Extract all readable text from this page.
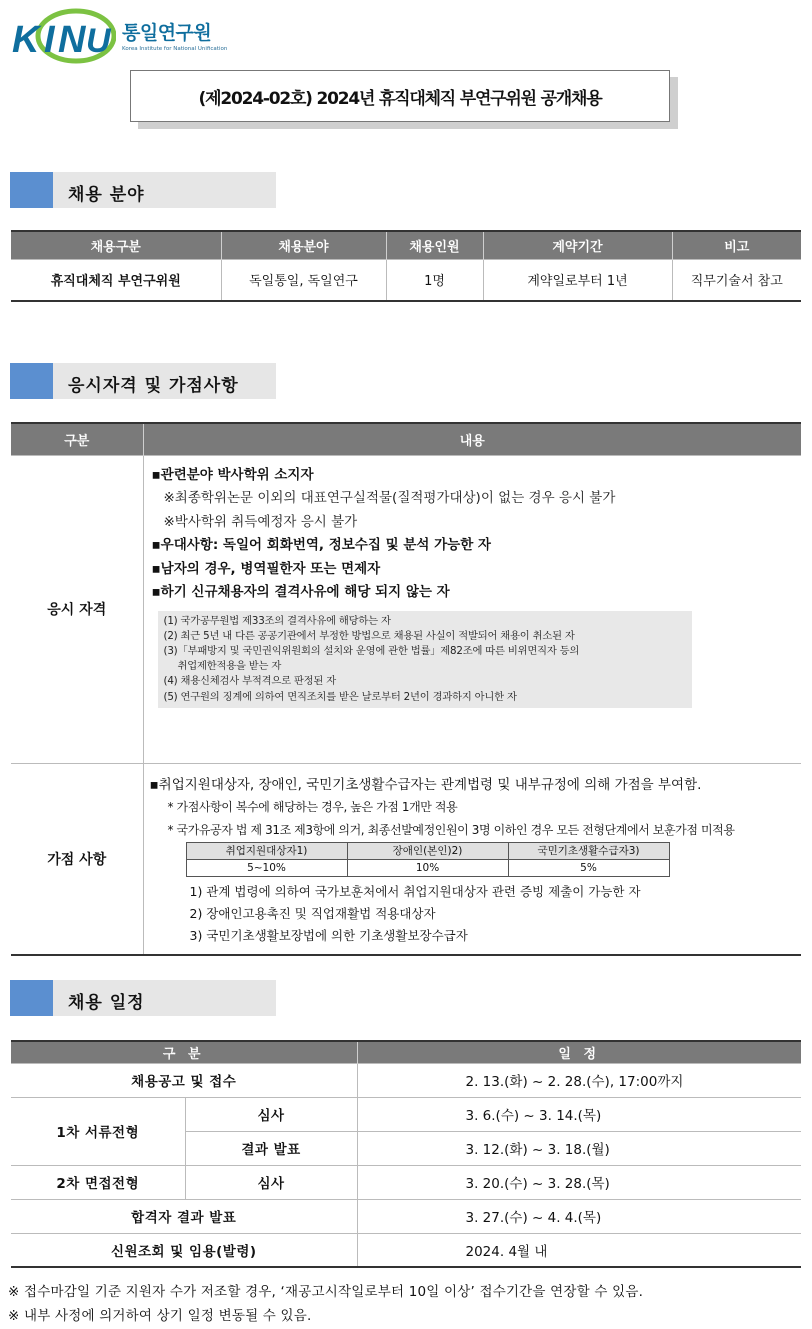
K I N U 통일연구원
Korea Institute for National Unification
(제2024-02호) 2024년 휴직대체직 부연구위원 공개채용
채용 분야
채용구분	채용분야	채용인원	계약기간	비고
휴직대체직 부연구위원	독일통일, 독일연구	1명	계약일로부터 1년	직무기술서 참고
응시자격 및 가점사항
구분	내용
응시 자격	
▪관련분야 박사학위 소지자
※최종학위논문 이외의 대표연구실적물(질적평가대상)이 없는 경우 응시 불가
※박사학위 취득예정자 응시 불가
▪우대사항: 독일어 회화번역, 정보수집 및 분석 가능한 자
▪남자의 경우, 병역필한자 또는 면제자
▪하기 신규채용자의 결격사유에 해당 되지 않는 자
(1) 국가공무원법 제33조의 결격사유에 해당하는 자
(2) 최근 5년 내 다른 공공기관에서 부정한 방법으로 채용된 사실이 적발되어 채용이 취소된 자
(3)「부패방지 및 국민권익위원회의 설치와 운영에 관한 법률」제82조에 따른 비위면직자 등의
취업제한적용을 받는 자
(4) 채용신체검사 부적격으로 판정된 자
(5) 연구원의 징계에 의하여 면직조치를 받은 날로부터 2년이 경과하지 아니한 자

가점 사항	
▪취업지원대상자, 장애인, 국민기초생활수급자는 관계법령 및 내부규정에 의해 가점을 부여함.
* 가점사항이 복수에 해당하는 경우, 높은 가점 1개만 적용
* 국가유공자 법 제 31조 제3항에 의거, 최종선발예정인원이 3명 이하인 경우 모든 전형단계에서 보훈가점 미적용
취업지원대상자1)	장애인(본인)2)	국민기초생활수급자3)
5~10%	10%	5%
1) 관계 법령에 의하여 국가보훈처에서 취업지원대상자 관련 증빙 제출이 가능한 자
2) 장애인고용촉진 및 직업재활법 적용대상자
3) 국민기초생활보장법에 의한 기초생활보장수급자
채용 일정
구 분		일 정
채용공고 및 접수		2. 13.(화) ~ 2. 28.(수), 17:00까지
1차 서류전형	심사	3. 6.(수) ~ 3. 14.(목)
	결과 발표	3. 12.(화) ~ 3. 18.(월)
2차 면접전형	심사	3. 20.(수) ~ 3. 28.(목)
합격자 결과 발표		3. 27.(수) ~ 4. 4.(목)
신원조회 및 임용(발령)		2024. 4월 내
※ 접수마감일 기준 지원자 수가 저조할 경우, ‘재공고시작일로부터 10일 이상’ 접수기간을 연장할 수 있음.
※ 내부 사정에 의거하여 상기 일정 변동될 수 있음.
